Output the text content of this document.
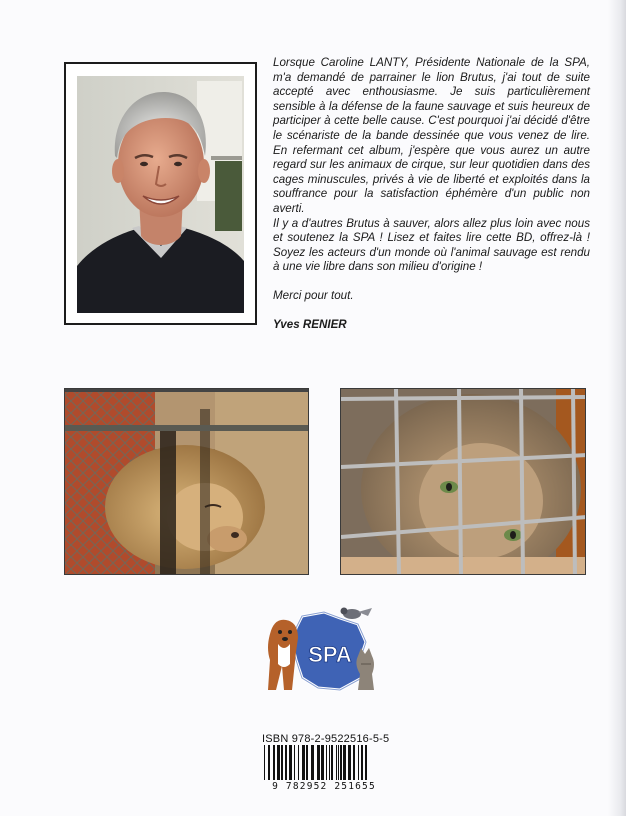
Lorsque Caroline LANTY, Présidente Nationale de la SPA, m'a demandé de parrainer le lion Brutus, j'ai tout de suite accepté avec enthousiasme. Je suis particulièrement sensible à la défense de la faune sauvage et suis heureux de participer à cette belle cause. C'est pourquoi j'ai décidé d'être le scénariste de la bande dessinée que vous venez de lire. En refermant cet album, j'espère que vous aurez un autre regard sur les animaux de cirque, sur leur quotidien dans des cages minuscules, privés à vie de liberté et exploités dans la souffrance pour la satisfaction éphémère d'un public non averti.

Il y a d'autres Brutus à sauver, alors allez plus loin avec nous et soutenez la SPA ! Lisez et faites lire cette BD, offrez-là ! Soyez les acteurs d'un monde où l'animal sauvage est rendu à une vie libre dans son milieu d'origine !

Merci pour tout.

Yves RENIER

SPA
ISBN 978-2-9522516-5-5
9 782952 251655
